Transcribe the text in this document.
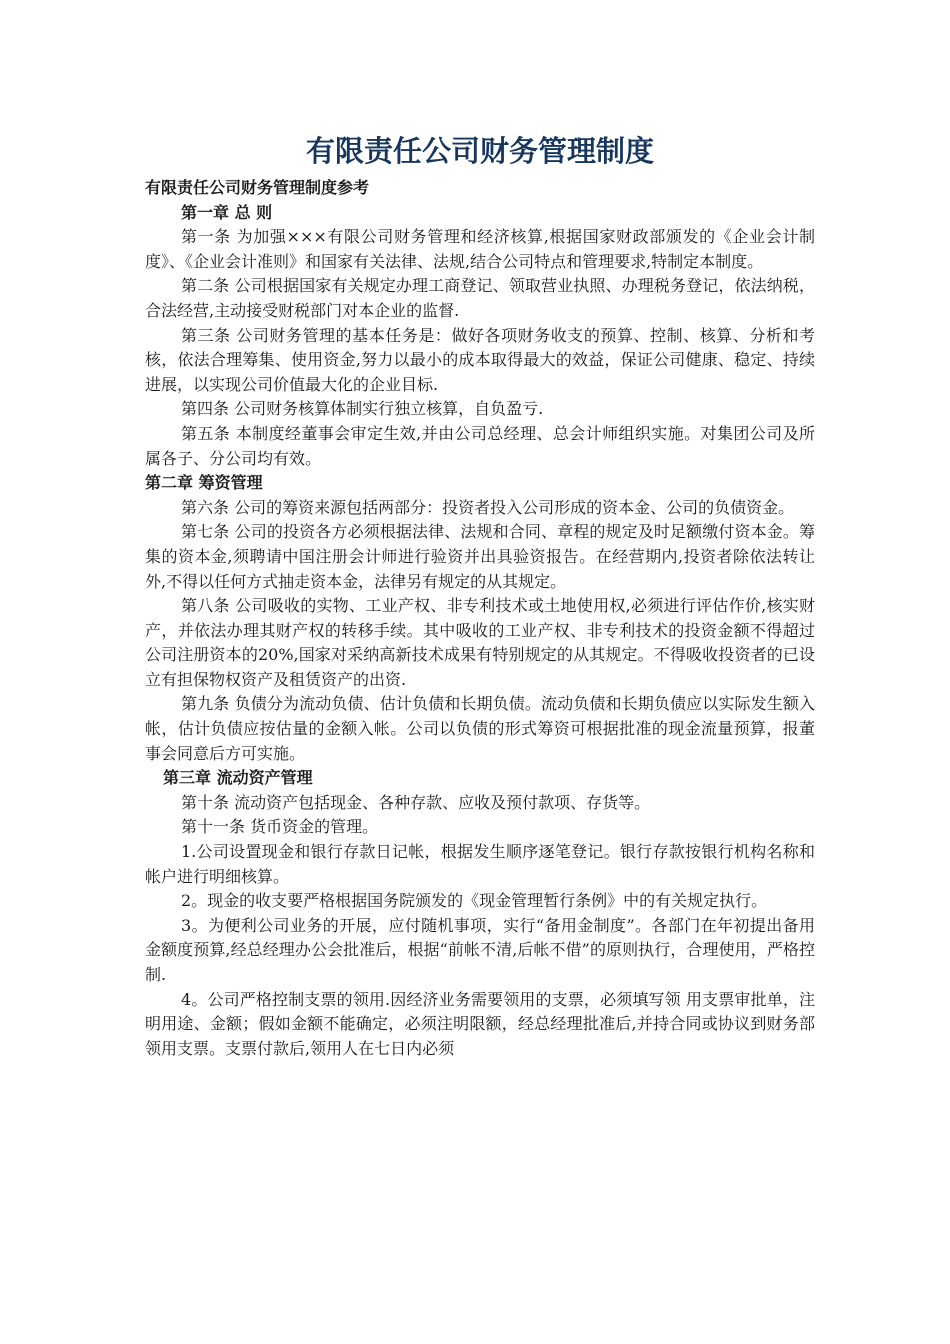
有限责任公司财务管理制度
有限责任公司财务管理制度参考
第一章 总 则

第一条 为加强×××有限公司财务管理和经济核算,根据国家财政部颁发的《企业会计制度》、《企业会计准则》和国家有关法律、法规,结合公司特点和管理要求,特制定本制度。

第二条 公司根据国家有关规定办理工商登记、领取营业执照、办理税务登记，依法纳税，合法经营,主动接受财税部门对本企业的监督.

第三条 公司财务管理的基本任务是：做好各项财务收支的预算、控制、核算、分析和考核，依法合理筹集、使用资金,努力以最小的成本取得最大的效益，保证公司健康、稳定、持续进展，以实现公司价值最大化的企业目标.

第四条 公司财务核算体制实行独立核算，自负盈亏.

第五条 本制度经董事会审定生效,并由公司总经理、总会计师组织实施。对集团公司及所属各子、分公司均有效。

第二章 筹资管理

第六条 公司的筹资来源包括两部分：投资者投入公司形成的资本金、公司的负债资金。

第七条 公司的投资各方必须根据法律、法规和合同、章程的规定及时足额缴付资本金。筹集的资本金,须聘请中国注册会计师进行验资并出具验资报告。在经营期内,投资者除依法转让外,不得以任何方式抽走资本金，法律另有规定的从其规定。

第八条 公司吸收的实物、工业产权、非专利技术或土地使用权,必须进行评估作价,核实财产，并依法办理其财产权的转移手续。其中吸收的工业产权、非专利技术的投资金额不得超过公司注册资本的20%,国家对采纳高新技术成果有特别规定的从其规定。不得吸收投资者的已设立有担保物权资产及租赁资产的出资.

第九条 负债分为流动负债、估计负债和长期负债。流动负债和长期负债应以实际发生额入帐，估计负债应按估量的金额入帐。公司以负债的形式筹资可根据批准的现金流量预算，报董事会同意后方可实施。

第三章 流动资产管理

第十条 流动资产包括现金、各种存款、应收及预付款项、存货等。

第十一条 货币资金的管理。

1.公司设置现金和银行存款日记帐，根据发生顺序逐笔登记。银行存款按银行机构名称和帐户进行明细核算。

2。现金的收支要严格根据国务院颁发的《现金管理暂行条例》中的有关规定执行。

3。为便利公司业务的开展，应付随机事项，实行“备用金制度”。各部门在年初提出备用金额度预算,经总经理办公会批准后，根据“前帐不清,后帐不借”的原则执行，合理使用，严格控制.

4。公司严格控制支票的领用.因经济业务需要领用的支票，必须填写领 用支票审批单，注明用途、金额；假如金额不能确定，必须注明限额，经总经理批准后,并持合同或协议到财务部领用支票。支票付款后,领用人在七日内必须
